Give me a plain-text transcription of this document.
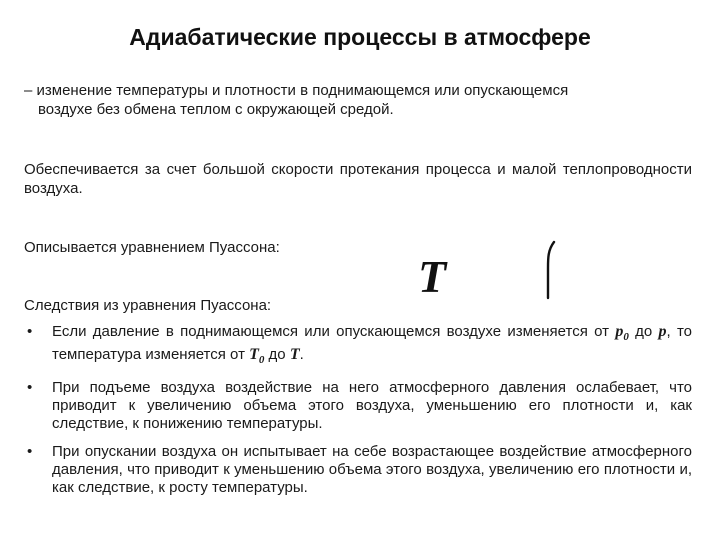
Адиабатические процессы в атмосфере
– изменение температуры и плотности в поднимающемся или опускающемся
воздухе без обмена теплом с окружающей средой.
Обеспечивается за счет большой скорости протекания процесса и малой теплопроводности воздуха.
Описывается уравнением Пуассона:
T
Следствия из уравнения Пуассона:
• Если давление в поднимающемся или опускающемся воздухе изменяется от $p_0$ до p, то температура изменяется от $T_0$ до T.
• При подъеме воздуха воздействие на него атмосферного давления ослабевает, что приводит к увеличению объема этого воздуха, уменьшению его плотности и, как следствие, к понижению температуры.
• При опускании воздуха он испытывает на себе возрастающее воздействие атмосферного давления, что приводит к уменьшению объема этого воздуха, увеличению его плотности и, как следствие, к росту температуры.
